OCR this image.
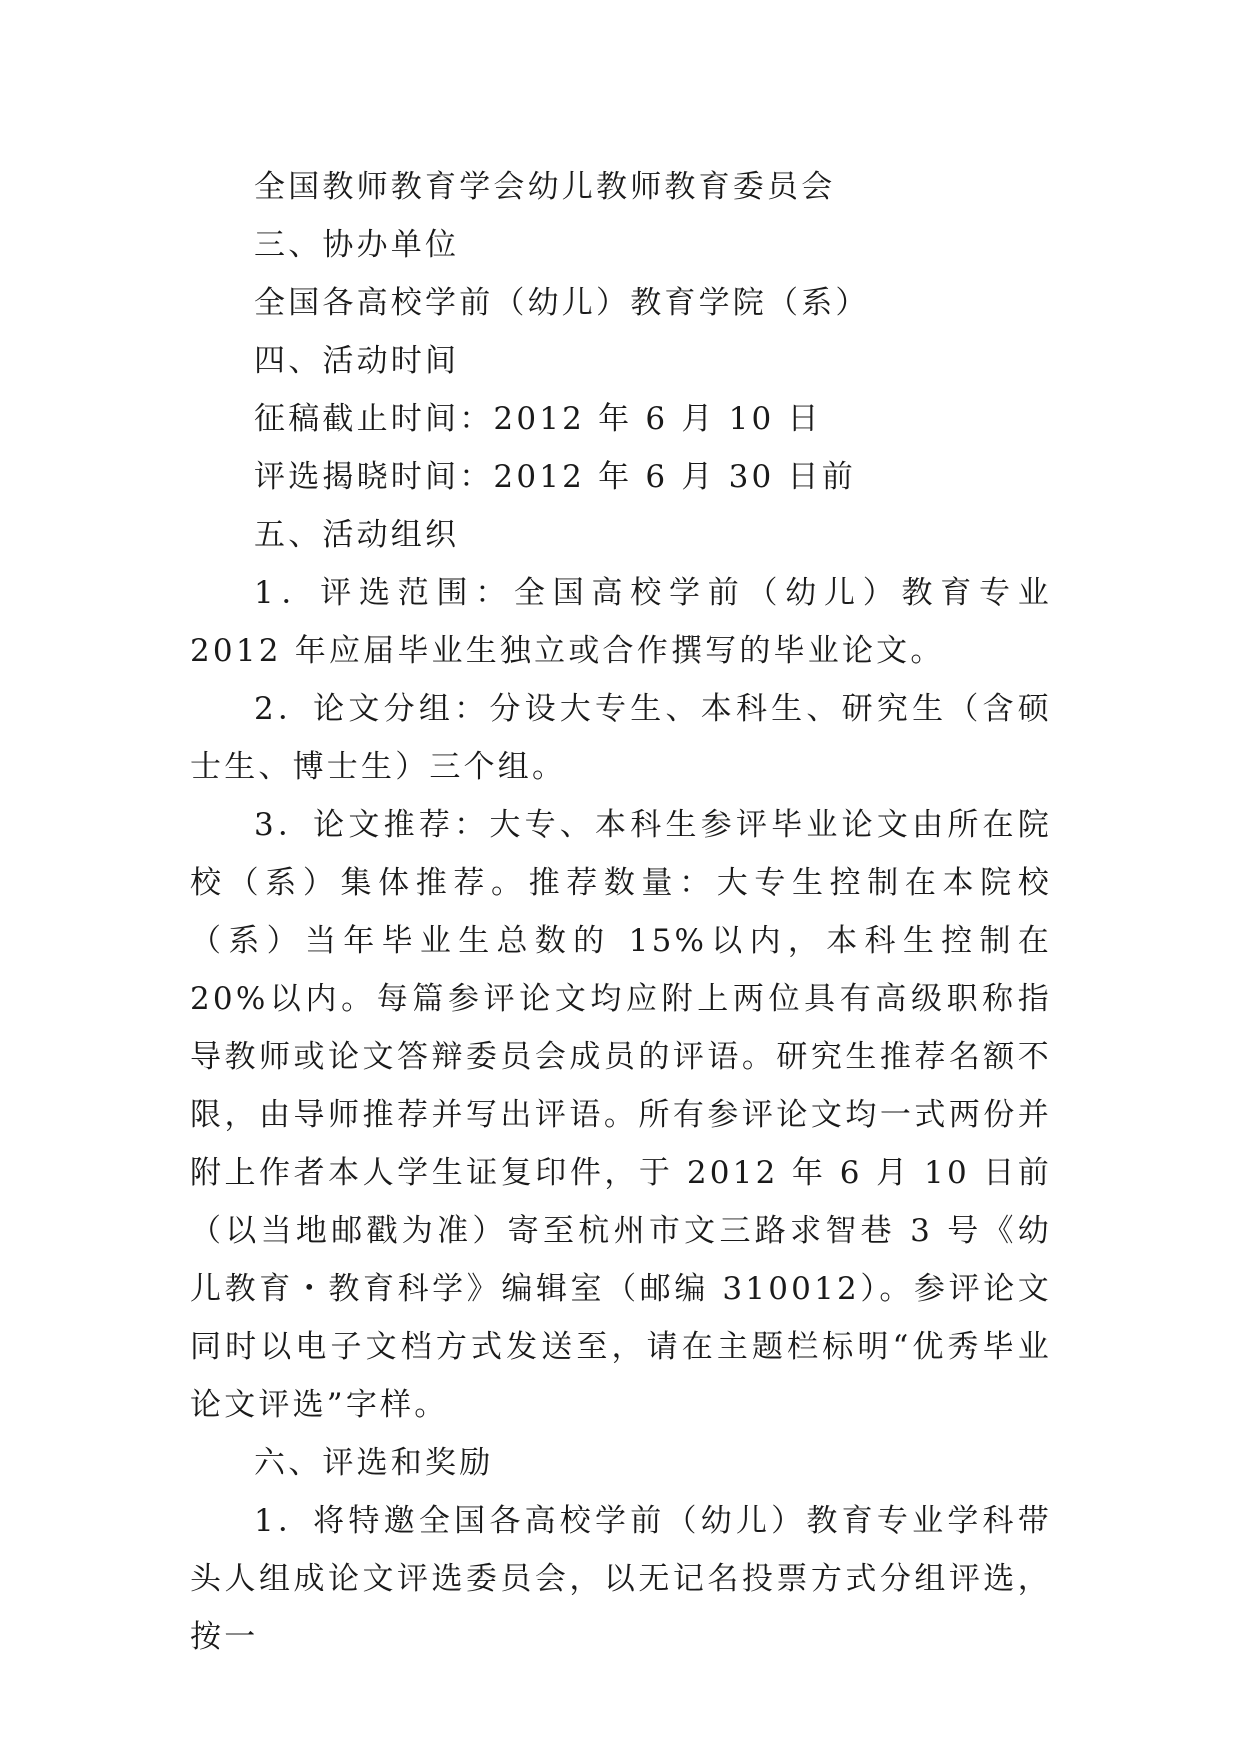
全国教师教育学会幼儿教师教育委员会

三、协办单位

全国各高校学前（幼儿）教育学院（系）

四、活动时间

征稿截止时间：2012 年 6 月 10 日

评选揭晓时间：2012 年 6 月 30 日前

五、活动组织

1．评选范围：全国高校学前（幼儿）教育专业 2012 年应届毕业生独立或合作撰写的毕业论文。

2．论文分组：分设大专生、本科生、研究生（含硕士生、博士生）三个组。

3．论文推荐：大专、本科生参评毕业论文由所在院校（系）集体推荐。推荐数量：大专生控制在本院校（系）当年毕业生总数的 15%以内，本科生控制在 20%以内。每篇参评论文均应附上两位具有高级职称指导教师或论文答辩委员会成员的评语。研究生推荐名额不限，由导师推荐并写出评语。所有参评论文均一式两份并附上作者本人学生证复印件，于 2012 年 6 月 10 日前（以当地邮戳为准）寄至杭州市文三路求智巷 3 号《幼儿教育・教育科学》编辑室（邮编 310012）。参评论文同时以电子文档方式发送至，请在主题栏标明“优秀毕业论文评选”字样。

六、评选和奖励

1．将特邀全国各高校学前（幼儿）教育专业学科带头人组成论文评选委员会，以无记名投票方式分组评选，按一
